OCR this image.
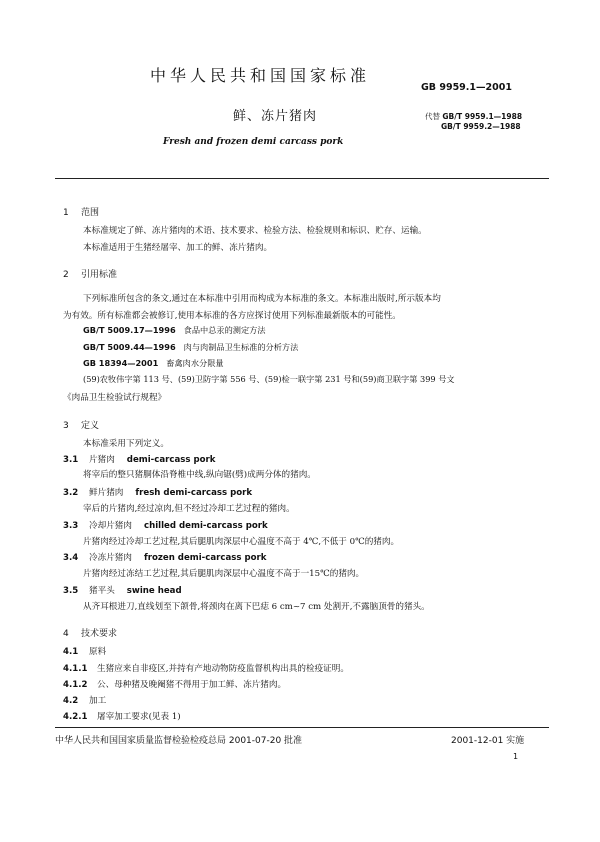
中华人民共和国国家标准
GB 9959.1—2001
代替 GB/T 9959.1—1988
GB/T 9959.2—1988
鲜、冻片猪肉
Fresh and frozen demi carcass pork
1 范围
本标准规定了鲜、冻片猪肉的术语、技术要求、检验方法、检验规则和标识、贮存、运输。
本标准适用于生猪经屠宰、加工的鲜、冻片猪肉。
2 引用标准
下列标准所包含的条文,通过在本标准中引用而构成为本标准的条文。本标准出版时,所示版本均
为有效。所有标准都会被修订,使用本标准的各方应探讨使用下列标准最新版本的可能性。
GB/T 5009.17—1996 食品中总汞的测定方法
GB/T 5009.44—1996 肉与肉制品卫生标准的分析方法
GB 18394—2001 畜禽肉水分限量
(59)农牧伟字第 113 号、(59)卫防字第 556 号、(59)检一联字第 231 号和(59)商卫联字第 399 号文
《肉品卫生检验试行规程》
3 定义
本标准采用下列定义。
3.1 片猪肉 demi-carcass pork
将宰后的整只猪胴体沿脊椎中线,纵向锯(劈)成两分体的猪肉。
3.2 鲜片猪肉 fresh demi-carcass pork
宰后的片猪肉,经过凉肉,但不经过冷却工艺过程的猪肉。
3.3 冷却片猪肉 chilled demi-carcass pork
片猪肉经过冷却工艺过程,其后腿肌肉深层中心温度不高于 4℃,不低于 0℃的猪肉。
3.4 冷冻片猪肉 frozen demi-carcass pork
片猪肉经过冻结工艺过程,其后腿肌肉深层中心温度不高于一15℃的猪肉。
3.5 猪平头 swine head
从齐耳根进刀,直线划至下颌骨,将颈肉在离下巴痣 6 cm~7 cm 处割开,不露脑顶骨的猪头。
4 技术要求
4.1 原料
4.1.1 生猪应来自非疫区,并持有产地动物防疫监督机构出具的检疫证明。
4.1.2 公、母种猪及晚阉猪不得用于加工鲜、冻片猪肉。
4.2 加工
4.2.1 屠宰加工要求(见表 1)
中华人民共和国国家质量监督检验检疫总局 2001-07-20 批准	2001-12-01 实施
1
